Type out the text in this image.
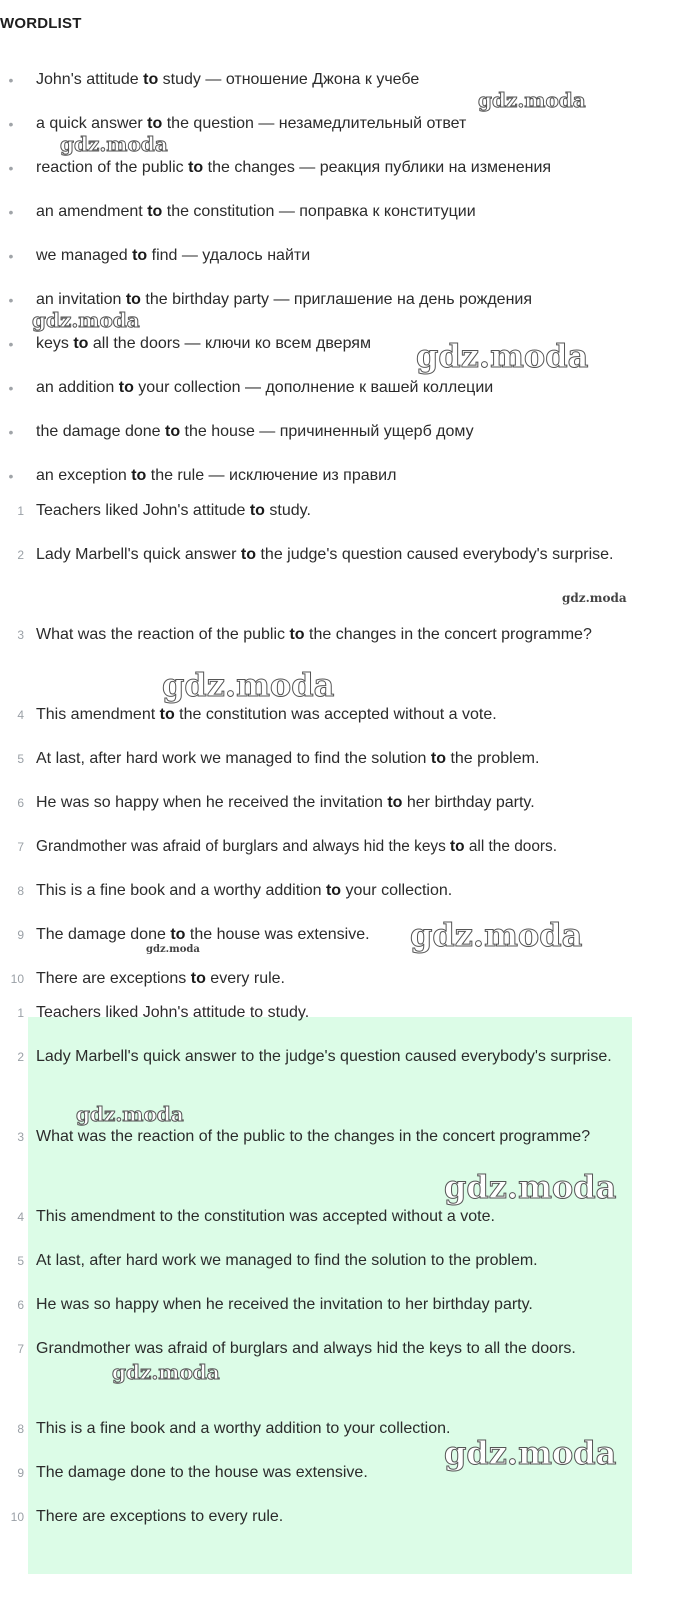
WORDLIST
•	John's attitude to study — отношение Джона к учебе
•	a quick answer to the question — незамедлительный ответ
•	reaction of the public to the changes — реакция публики на изменения
•	an amendment to the constitution — поправка к конституции
•	we managed to find — удалось найти
•	an invitation to the birthday party — приглашение на день рождения
•	keys to all the doors — ключи ко всем дверям
•	an addition to your collection — дополнение к вашей коллеции
•	the damage done to the house — причиненный ущерб дому
•	an exception to the rule — исключение из правил
1 Teachers liked John's attitude to study.
2 Lady Marbell's quick answer to the judge's question caused everybody's surprise.
3 What was the reaction of the public to the changes in the concert programme?
4 This amendment to the constitution was accepted without a vote.
5 At last, after hard work we managed to find the solution to the problem.
6 He was so happy when he received the invitation to her birthday party.
7 Grandmother was afraid of burglars and always hid the keys to all the doors.
8 This is a fine book and a worthy addition to your collection.
9 The damage done to the house was extensive.
10 There are exceptions to every rule.
1 Teachers liked John's attitude to study.
2 Lady Marbell's quick answer to the judge's question caused everybody's surprise.
3 What was the reaction of the public to the changes in the concert programme?
4 This amendment to the constitution was accepted without a vote.
5 At last, after hard work we managed to find the solution to the problem.
6 He was so happy when he received the invitation to her birthday party.
7 Grandmother was afraid of burglars and always hid the keys to all the doors.
8 This is a fine book and a worthy addition to your collection.
9 The damage done to the house was extensive.
10 There are exceptions to every rule.
gdz.moda
gdz.moda
gdz.moda
gdz.moda
gdz.moda
gdz.moda
gdz.moda
gdz.moda
gdz.moda
gdz.moda
gdz.moda
gdz.moda
